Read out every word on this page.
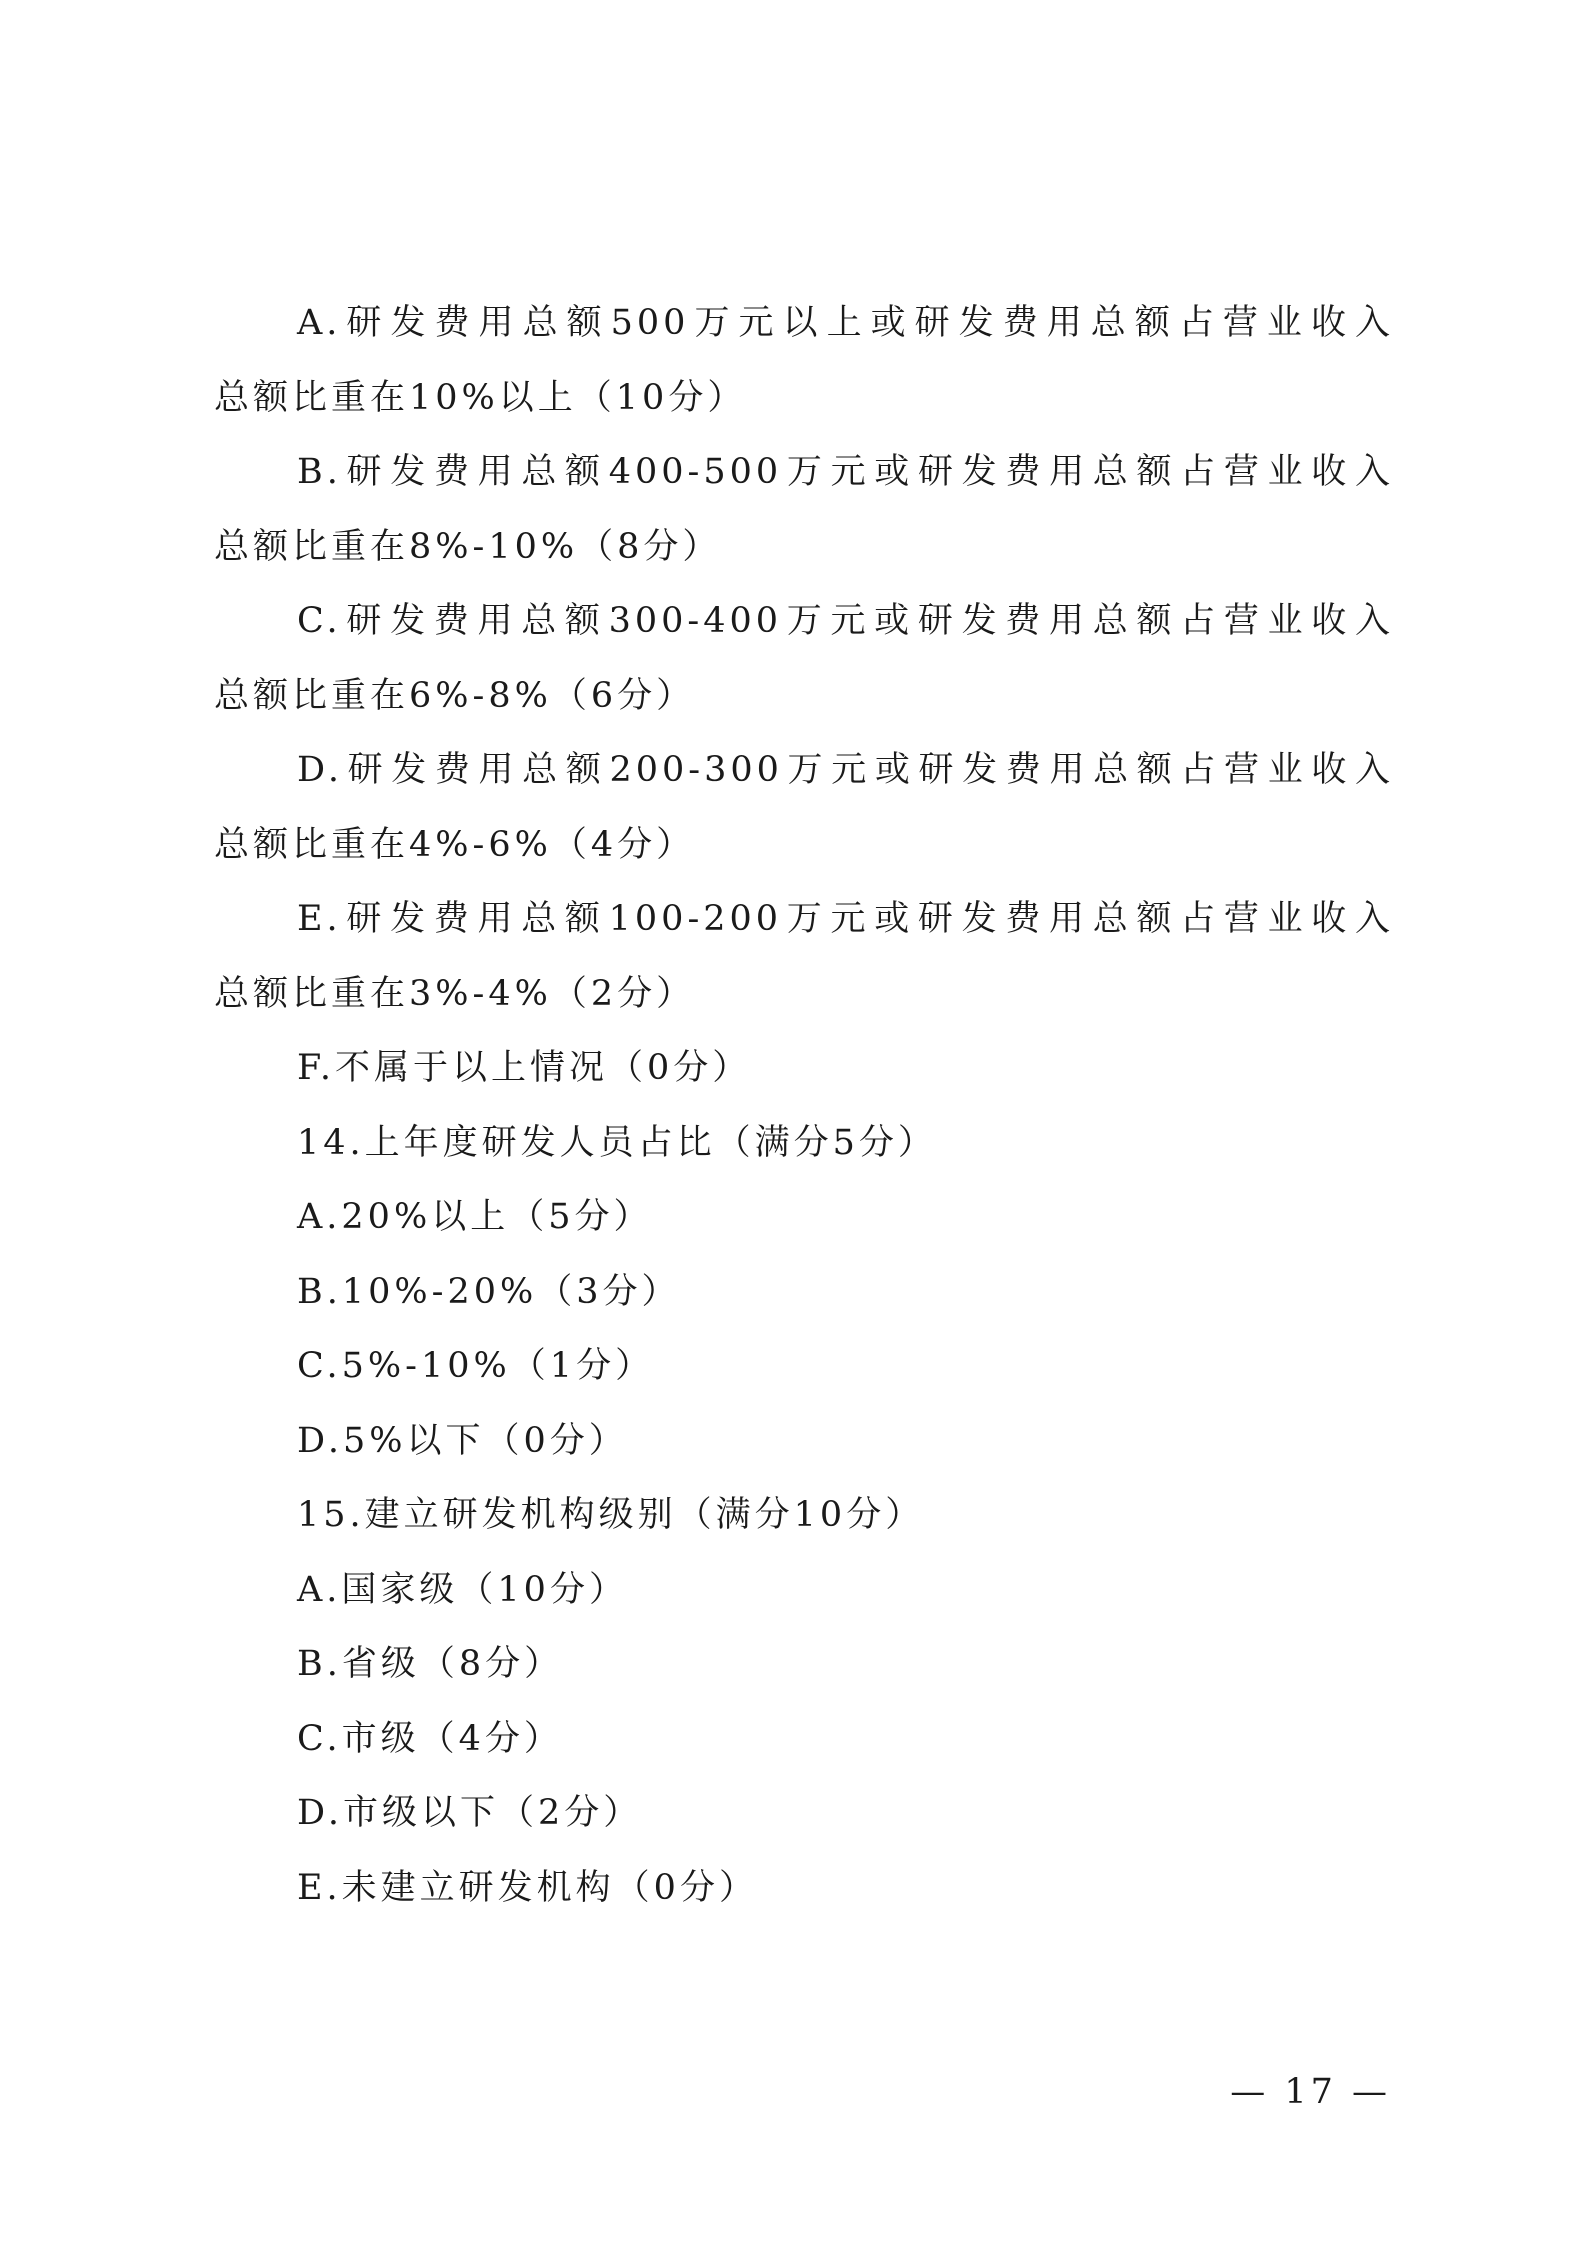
A.研发费用总额500万元以上或研发费用总额占营业收入
总额比重在10%以上（10分）
B.研发费用总额400-500万元或研发费用总额占营业收入
总额比重在8%-10%（8分）
C.研发费用总额300-400万元或研发费用总额占营业收入
总额比重在6%-8%（6分）
D.研发费用总额200-300万元或研发费用总额占营业收入
总额比重在4%-6%（4分）
E.研发费用总额100-200万元或研发费用总额占营业收入
总额比重在3%-4%（2分）
F.不属于以上情况（0分）
14.上年度研发人员占比（满分5分）
A.20%以上（5分）
B.10%-20%（3分）
C.5%-10%（1分）
D.5%以下（0分）
15.建立研发机构级别（满分10分）
A.国家级（10分）
B.省级（8分）
C.市级（4分）
D.市级以下（2分）
E.未建立研发机构（0分）
— 17 —
